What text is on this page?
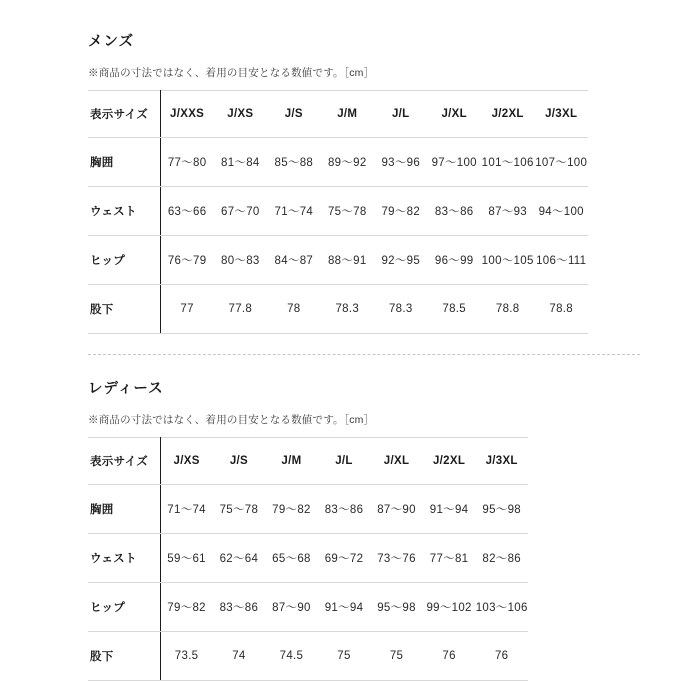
メンズ

※商品の寸法ではなく、着用の目安となる数値です。［cm］

表示サイズ	J/XXS	J/XS	J/S	J/M	J/L	J/XL	J/2XL	J/3XL
胸囲	77〜80	81〜84	85〜88	89〜92	93〜96	97〜100	101〜106	107〜100
ウェスト	63〜66	67〜70	71〜74	75〜78	79〜82	83〜86	87〜93	94〜100
ヒップ	76〜79	80〜83	84〜87	88〜91	92〜95	96〜99	100〜105	106〜111
股下	77	77.8	78	78.3	78.3	78.5	78.8	78.8
レディース

※商品の寸法ではなく、着用の目安となる数値です。［cm］

表示サイズ	J/XS	J/S	J/M	J/L	J/XL	J/2XL	J/3XL
胸囲	71〜74	75〜78	79〜82	83〜86	87〜90	91〜94	95〜98
ウェスト	59〜61	62〜64	65〜68	69〜72	73〜76	77〜81	82〜86
ヒップ	79〜82	83〜86	87〜90	91〜94	95〜98	99〜102	103〜106
股下	73.5	74	74.5	75	75	76	76
